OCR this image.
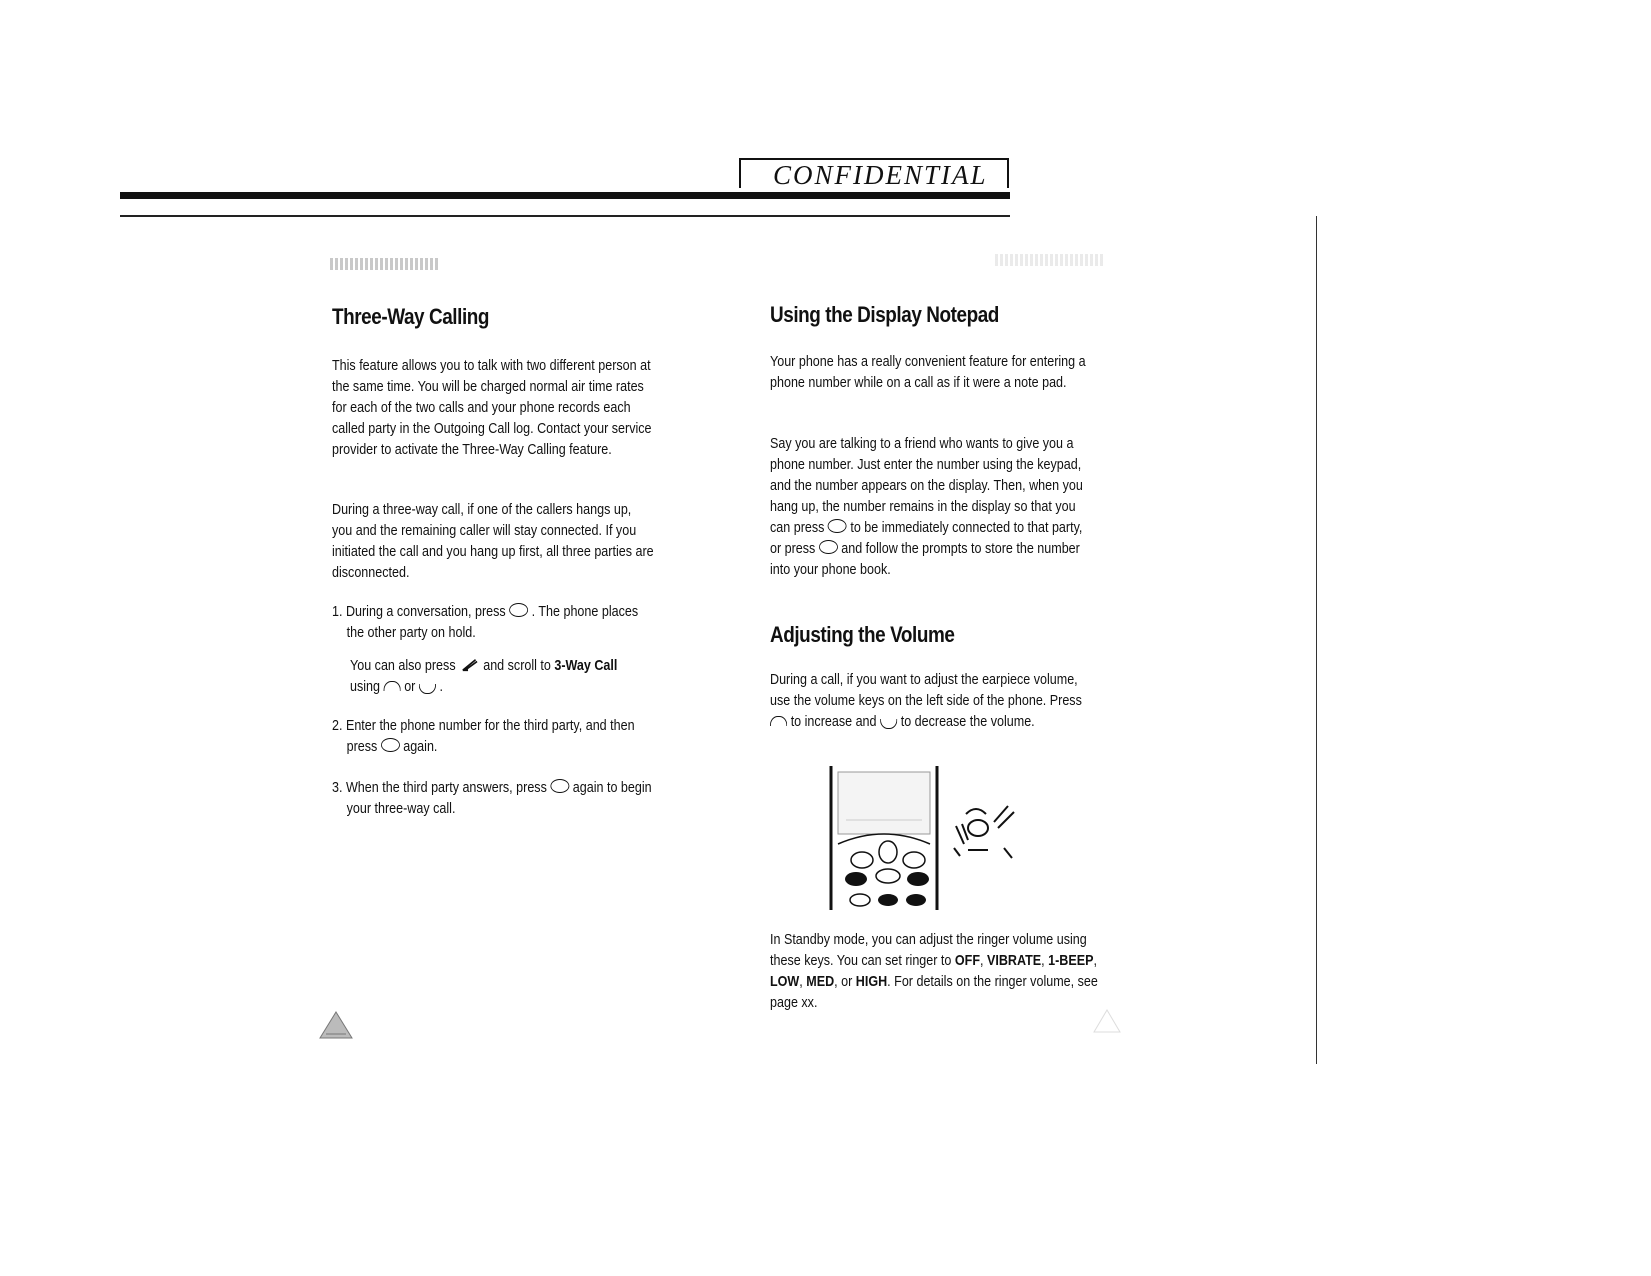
CONFIDENTIAL
Three-Way Calling

This feature allows you to talk with two different person at the same time. You will be charged normal air time rates for each of the two calls and your phone records each called party in the Outgoing Call log. Contact your service provider to activate the Three-Way Calling feature.

During a three-way call, if one of the callers hangs up, you and the remaining caller will stay connected. If you initiated the call and you hang up first, all three parties are disconnected.

1. During a conversation, press . The phone places the other party on hold.

You can also press and scroll to 3-Way Call
using or .

2. Enter the phone number for the third party, and then press again.

3. When the third party answers, press again to begin your three-way call.

Using the Display Notepad

Your phone has a really convenient feature for entering a phone number while on a call as if it were a note pad.

Say you are talking to a friend who wants to give you a phone number. Just enter the number using the keypad, and the number appears on the display. Then, when you hang up, the number remains in the display so that you can press to be immediately connected to that party, or press and follow the prompts to store the number into your phone book.

Adjusting the Volume

During a call, if you want to adjust the earpiece volume, use the volume keys on the left side of the phone. Press  to increase and to decrease the volume.

In Standby mode, you can adjust the ringer volume using these keys. You can set ringer to OFF, VIBRATE, 1-BEEP, LOW, MED, or HIGH. For details on the ringer volume, see page xx.
